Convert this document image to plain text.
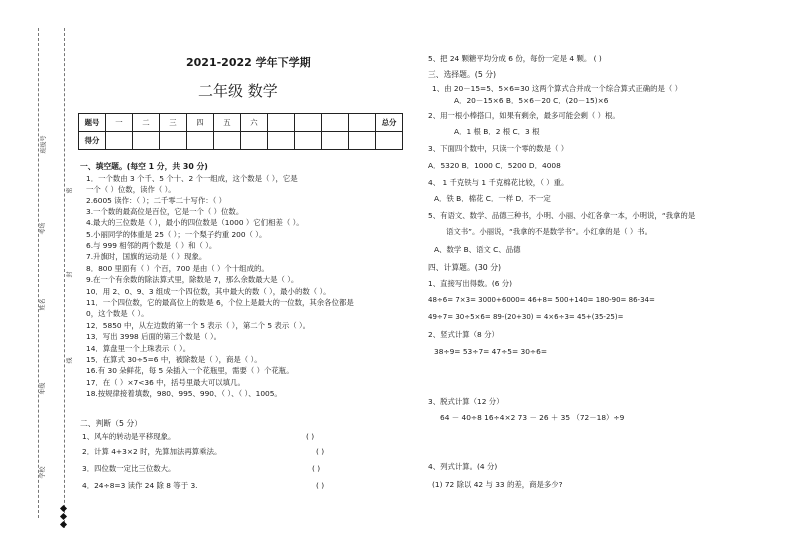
班级号
考场
姓名
年级
学校
密
封
线
2021-2022 学年下学期
二年级 数学
题号	一	二	三	四	五	六					总分
得分											
一、填空题。(每空 1 分，共 30 分)
1．一个数由 3 个千、5 个十、2 个一组成，这个数是（ ），它是
一个（ ）位数，读作（ ）。
2.6005 读作：（ ）；二千零二十写作：（ ）
3.一个数的最高位是百位，它是一个（ ）位数。
4.最大的三位数是（ ），最小的四位数是（1000 ）它们相差（ ）。
5.小丽同学的体重是 25（ ）；一个梨子约重 200（ ）。
6.与 999 相邻的两个数是（ ）和（ ）。
7.升旗时，国旗的运动是（ ）现象。
8．800 里面有（ ）个百，700 是由（ ）个十组成的。
9.在一个有余数的除法算式里，除数是 7，那么余数最大是（ ）。
10．用 2、0、9、3 组成一个四位数，其中最大的数（ ），最小的数（ ）。
11．一个四位数，它的最高位上的数是 6，个位上是最大的一位数，其余各位都是
0，这个数是（ ）。
12．5850 中，从左边数的第一个 5 表示（ ），第二个 5 表示（ ）。
13．写出 3998 后面的第三个数是（ ）。
14．算盘里一个上珠表示（ ）。
15．在算式 30÷5=6 中，被除数是（ ），商是（ ）。
16.有 30 朵鲜花，每 5 朵插入一个花瓶里，需要（ ）个花瓶。
17．在（ ）×7<36 中，括号里最大可以填几。
18.按规律接着填数，980、995、990、（ ）、（ ）、1005。
二、判断（5 分）
1、风车的转动是平移现象。	( )
2．计算 4+3×2 时，先算加法再算乘法。	( )
3．四位数一定比三位数大。	( )
4．24÷8=3 读作 24 除 8 等于 3.	( )
5、把 24 颗糖平均分成 6 份，每份一定是 4 颗。 ( )
三、选择题。(5 分)
1、由 20－15=5、5×6=30 这两个算式合并成一个综合算式正确的是（ ）
A．20－15×6 B．5×6－20 C．(20－15)×6
2、用一根小棒搭口，如果有剩余，最多可能会剩（ ）根。
A．1 根 B．2 根 C．3 根
3、下面四个数中，只读一个零的数是（ ）
A．5320 B．1000 C．5200 D．4008
4、 1 千克铁与 1 千克棉花比较，（ ）重。
A．铁 B．棉花 C．一样 D．不一定
5、有语文、数学、品德三种书，小明、小丽、小红各拿一本，小明说，“我拿的是
语文书”。小丽说，“我拿的不是数学书”。小红拿的是（ ）书。
A、数学 B、语文 C、品德
四、计算题。(30 分)
1、直接写出得数。(6 分)
48÷6= 7×3= 3000+6000= 46+8= 500+140= 180-90= 86-34=
49÷7= 30÷5×6= 89-(20+30) = 4×6÷3= 45+(35-25)=
2、竖式计算（8 分）
38÷9= 53÷7= 47÷5= 30÷6=
3、脱式计算（12 分）
64 － 40÷8 16÷4×2 73 － 26 ＋ 35 （72－18）÷9
4、列式计算。(4 分)
(1) 72 除以 42 与 33 的差，商是多少?
